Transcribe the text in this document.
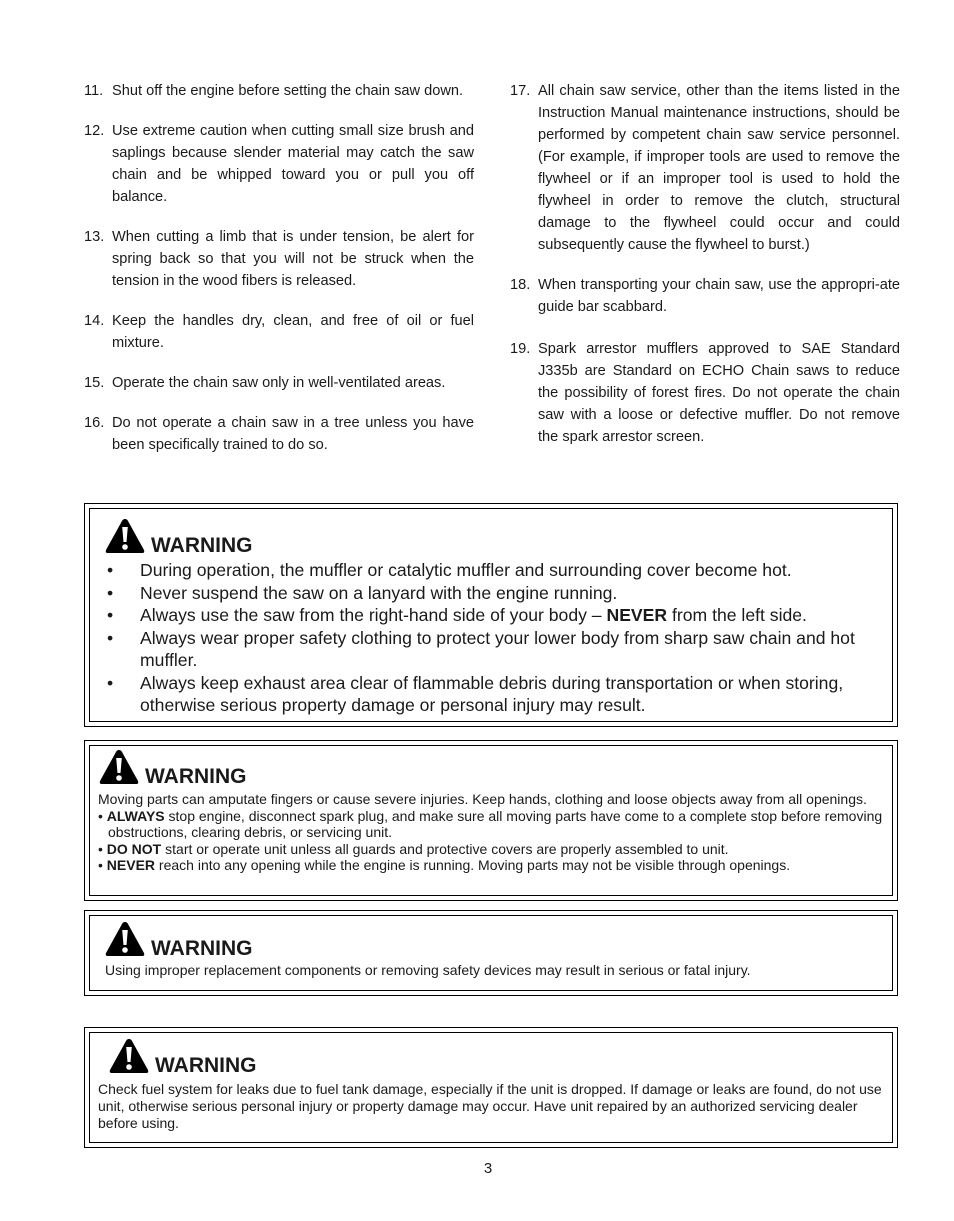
11. Shut off the engine before setting the chain saw down.
12. Use extreme caution when cutting small size brush and saplings because slender material may catch the saw chain and be whipped toward you or pull you off balance.
13. When cutting a limb that is under tension, be alert for spring back so that you will not be struck when the tension in the wood fibers is released.
14. Keep the handles dry, clean, and free of oil or fuel mixture.
15. Operate the chain saw only in well-ventilated areas.
16. Do not operate a chain saw in a tree unless you have been specifically trained to do so.
17. All chain saw service, other than the items listed in the Instruction Manual maintenance instructions, should be performed by competent chain saw service personnel. (For example, if improper tools are used to remove the flywheel or if an improper tool is used to hold the flywheel in order to remove the clutch, structural damage to the flywheel could occur and could subsequently cause the flywheel to burst.)
18. When transporting your chain saw, use the appropri-ate guide bar scabbard.
19. Spark arrestor mufflers approved to SAE Standard J335b are Standard on ECHO Chain saws to reduce the possibility of forest fires. Do not operate the chain saw with a loose or defective muffler. Do not remove the spark arrestor screen.
WARNING
•	During operation, the muffler or catalytic muffler and surrounding cover become hot.
•	Never suspend the saw on a lanyard with the engine running.
•	Always use the saw from the right-hand side of your body – NEVER from the left side.
•	Always wear proper safety clothing to protect your lower body from sharp saw chain and hot muffler.
•	Always keep exhaust area clear of flammable debris during transportation or when storing, otherwise serious property damage or personal injury may result.
WARNING
Moving parts can amputate fingers or cause severe injuries. Keep hands, clothing and loose objects away from all openings.
• ALWAYS stop engine, disconnect spark plug, and make sure all moving parts have come to a complete stop before removing obstructions, clearing debris, or servicing unit.
• DO NOT start or operate unit unless all guards and protective covers are properly assembled to unit.
• NEVER reach into any opening while the engine is running. Moving parts may not be visible through openings.
WARNING
Using improper replacement components or removing safety devices may result in serious or fatal injury.
WARNING
Check fuel system for leaks due to fuel tank damage, especially if the unit is dropped. If damage or leaks are found, do not use unit, otherwise serious personal injury or property damage may occur. Have unit repaired by an authorized servicing dealer before using.
3
